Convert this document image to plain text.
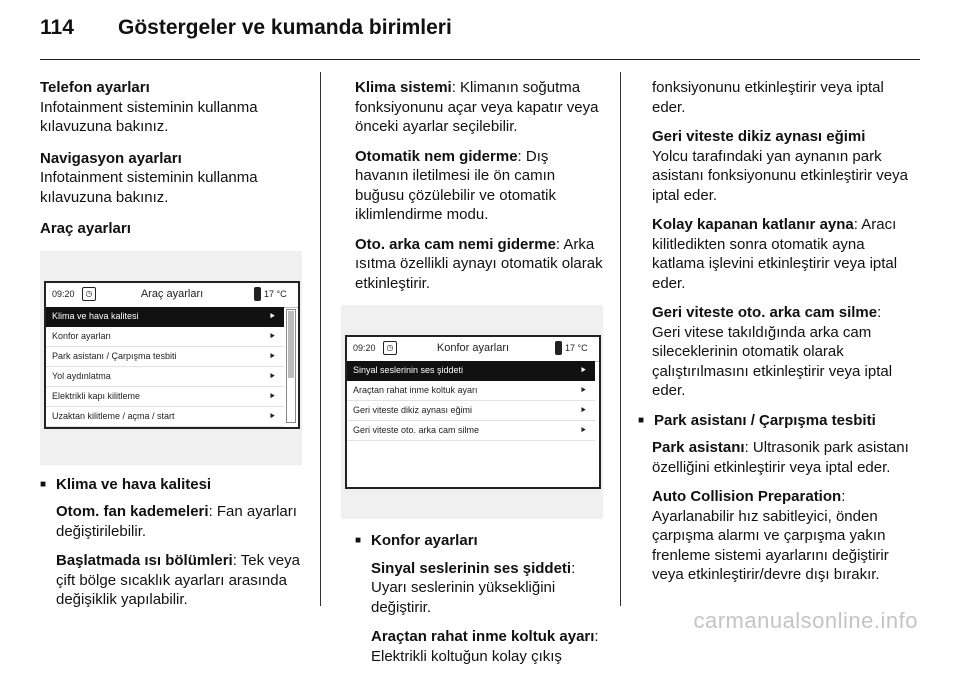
114 Göstergeler ve kumanda birimleri
Telefon ayarları

Infotainment sisteminin kullanma kılavuzuna bakınız.

Navigasyon ayarları

Infotainment sisteminin kullanma kılavuzuna bakınız.

Araç ayarları
09:20	◷	Araç ayarları	17 °C
Klima ve hava kalitesi	⯈
Konfor ayarları	⯈
Park asistanı / Çarpışma tesbiti	⯈
Yol aydınlatma	⯈
Elektrikli kapı kilitleme	⯈
Uzaktan kilitleme / açma / start	⯈
■ Klima ve hava kalitesi

Otom. fan kademeleri: Fan ayarları değiştirilebilir.

Başlatmada ısı bölümleri: Tek veya çift bölge sıcaklık ayarları arasında değişiklik yapılabilir.

Klima sistemi: Klimanın soğutma fonksiyonunu açar veya kapatır veya önceki ayarlar seçilebilir.

Otomatik nem giderme: Dış havanın iletilmesi ile ön camın buğusu çözülebilir ve otomatik iklimlendirme modu.

Oto. arka cam nemi giderme: Arka ısıtma özellikli aynayı otomatik olarak etkinleştirir.

09:20	◷	Konfor ayarları	17 °C
Sinyal seslerinin ses şiddeti	⯈
Araçtan rahat inme koltuk ayarı	⯈
Geri viteste dikiz aynası eğimi	⯈
Geri viteste oto. arka cam silme	⯈
■ Konfor ayarları

Sinyal seslerinin ses şiddeti: Uyarı seslerinin yüksekliğini değiştirir.

Araçtan rahat inme koltuk ayarı: Elektrikli koltuğun kolay çıkış

fonksiyonunu etkinleştirir veya iptal eder.

Geri viteste dikiz aynası eğimi
Yolcu tarafındaki yan aynanın park asistanı fonksiyonunu etkinleştirir veya iptal eder.

Kolay kapanan katlanır ayna: Aracı kilitledikten sonra otomatik ayna katlama işlevini etkinleştirir veya iptal eder.

Geri viteste oto. arka cam silme:
Geri vitese takıldığında arka cam sileceklerinin otomatik olarak çalıştırılmasını etkinleştirir veya iptal eder.

■ Park asistanı / Çarpışma tesbiti

Park asistanı: Ultrasonik park asistanı özelliğini etkinleştirir veya iptal eder.

Auto Collision Preparation:
Ayarlanabilir hız sabitleyici, önden çarpışma alarmı ve çarpışma yakın frenleme sistemi ayarlarını değiştirir veya etkinleştirir/devre dışı bırakır.

carmanualsonline.info
